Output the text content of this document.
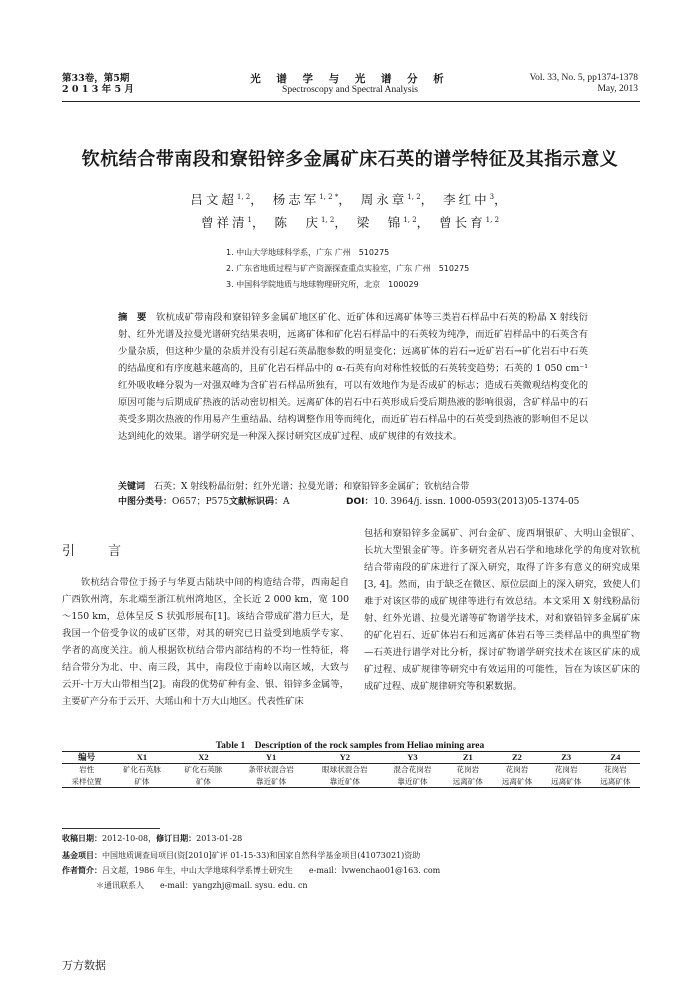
第33卷，第5期
2 0 1 3 年 5 月
光 谱 学 与 光 谱 分 析
Spectroscopy and Spectral Analysis
Vol. 33, No. 5, pp1374-1378
May, 2013
钦杭结合带南段和寮铅锌多金属矿床石英的谱学特征及其指示意义
吕文超$^{1, 2}$， 杨志军$^{1, 2 *}$， 周永章$^{1, 2}$， 李红中$^3$，
曾祥清$^1$， 陈　庆$^{1, 2}$， 梁　锦$^{1, 2}$， 曾长育$^{1, 2}$
1. 中山大学地球科学系，广东 广州　510275
2. 广东省地质过程与矿产资源探查重点实验室，广东 广州　510275
3. 中国科学院地质与地球物理研究所，北京　100029
摘　要　 钦杭成矿带南段和寮铅锌多金属矿地区矿化、近矿体和远离矿体等三类岩石样品中石英的粉晶 X 射线衍射、红外光谱及拉曼光谱研究结果表明，远离矿体和矿化岩石样品中的石英较为纯净，而近矿岩样品中的石英含有少量杂质，但这种少量的杂质并没有引起石英晶胞参数的明显变化；远离矿体的岩石→近矿岩石→矿化岩石中石英的结晶度和有序度越来越高的，且矿化岩石样品中的 α-石英有向对称性较低的石英转变趋势；石英的 1 050 cm⁻¹ 红外吸收峰分裂为一对强双峰为含矿岩石样品所独有，可以有效地作为是否成矿的标志；造成石英微观结构变化的原因可能与后期成矿热液的活动密切相关。远离矿体的岩石中石英形成后受后期热液的影响很弱，含矿样品中的石英受多期次热液的作用易产生重结晶、结构调整作用等而纯化，而近矿岩石样品中的石英受到热液的影响但不足以达到纯化的效果。谱学研究是一种深入探讨研究区成矿过程、成矿规律的有效技术。
关键词　 石英；X 射线粉晶衍射；红外光谱；拉曼光谱；和寮铅锌多金属矿；钦杭结合带
中图分类号：O657；P575 文献标识码：A	DOI：10. 3964/j. issn. 1000-0593(2013)05-1374-05
引　言
钦杭结合带位于扬子与华夏古陆块中间的构造结合带，西南起自广西钦州湾，东北端至浙江杭州湾地区，全长近 2 000 km，宽 100～150 km，总体呈反 S 状弧形展布[1]。该结合带成矿潜力巨大，是我国一个倍受争议的成矿区带，对其的研究已日益受到地质学专家、学者的高度关注。前人根据钦杭结合带内部结构的不均一性特征，将结合带分为北、中、南三段，其中，南段位于南岭以南区域，大致与云开-十万大山带相当[2]。南段的优势矿种有金、银、铅锌多金属等，主要矿产分布于云开、大瑶山和十万大山地区。代表性矿床
包括和寮铅锌多金属矿、河台金矿、庞西垌银矿、大明山金银矿、长坑大型银金矿等。许多研究者从岩石学和地球化学的角度对钦杭结合带南段的矿床进行了深入研究，取得了许多有意义的研究成果[3, 4]。然而，由于缺乏在微区、原位层面上的深入研究，致使人们难于对该区带的成矿规律等进行有效总结。本文采用 X 射线粉晶衍射、红外光谱、拉曼光谱等矿物谱学技术，对和寮铅锌多金属矿床的矿化岩石、近矿体岩石和远离矿体岩石等三类样品中的典型矿物—石英进行谱学对比分析，探讨矿物谱学研究技术在该区矿床的成矿过程、成矿规律等研究中有效运用的可能性，旨在为该区矿床的成矿过程、成矿规律研究等积累数据。
Table 1　Description of the rock samples from Heliao mining area
编号	X1	X2	Y1	Y2	Y3	Z1	Z2	Z3	Z4
岩性	矿化石英脉	矿化石英脉	条带状混合岩	眼球状混合岩	混合花岗岩	花岗岩	花岗岩	花岗岩	花岗岩
采样位置	矿体	矿体	靠近矿体	靠近矿体	靠近矿体	远离矿体	远离矿体	远离矿体	远离矿体
收稿日期：2012-10-08，修订日期：2013-01-28
基金项目：中国地质调查局项目(资[2010]矿评 01-15-33)和国家自然科学基金项目(41073021)资助
作者简介：吕文超，1986 年生，中山大学地球科学系博士研究生　　e-mail：lvwenchao01@163. com
＊通讯联系人　　e-mail：yangzhj@mail. sysu. edu. cn
万方数据
